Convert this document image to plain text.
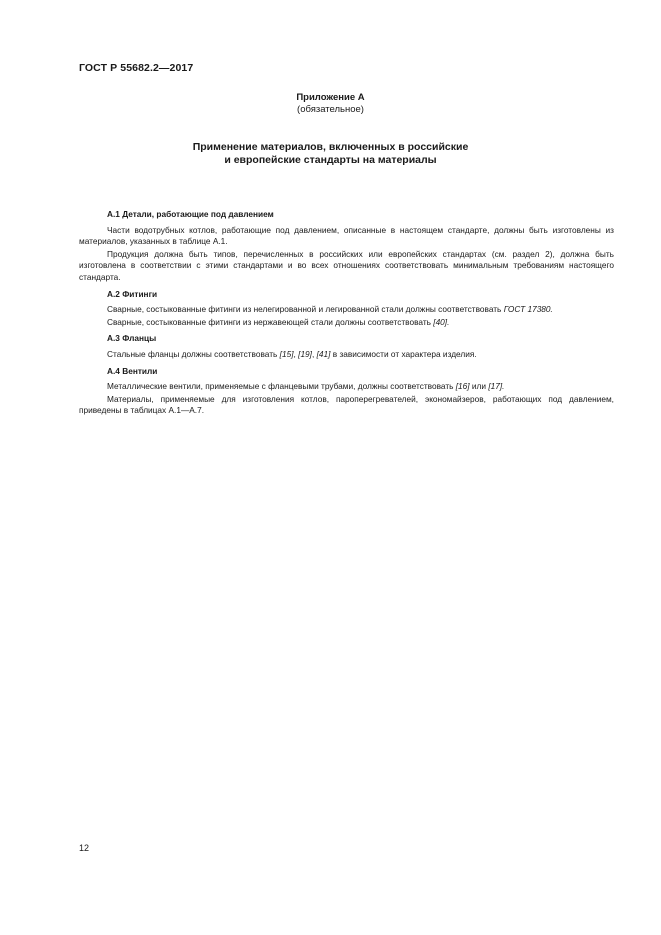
ГОСТ Р 55682.2—2017
Приложение А
(обязательное)
Применение материалов, включенных в российские
и европейские стандарты на материалы
А.1 Детали, работающие под давлением

Части водотрубных котлов, работающие под давлением, описанные в настоящем стандарте, должны быть изготовлены из материалов, указанных в таблице А.1.

Продукция должна быть типов, перечисленных в российских или европейских стандартах (см. раздел 2), должна быть изготовлена в соответствии с этими стандартами и во всех отношениях соответствовать минимальным требованиям настоящего стандарта.

А.2 Фитинги

Сварные, состыкованные фитинги из нелегированной и легированной стали должны соответствовать ГОСТ 17380.

Сварные, состыкованные фитинги из нержавеющей стали должны соответствовать [40].

А.3 Фланцы

Стальные фланцы должны соответствовать [15], [19], [41] в зависимости от характера изделия.

А.4 Вентили

Металлические вентили, применяемые с фланцевыми трубами, должны соответствовать [16] или [17].

Материалы, применяемые для изготовления котлов, пароперегревателей, экономайзеров, работающих под давлением, приведены в таблицах А.1—А.7.

12
